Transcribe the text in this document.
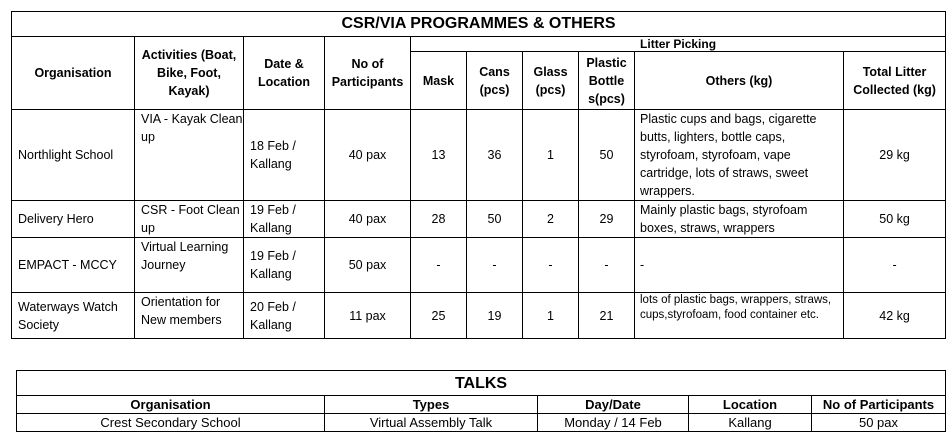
CSR/VIA PROGRAMMES & OTHERS									
Organisation	Activities (Boat, Bike, Foot, Kayak)	Date & Location	No of Participants	Litter Picking					
				Mask	Cans (pcs)	Glass (pcs)	Plastic Bottle s(pcs)	Others (kg)	Total Litter Collected (kg)
Northlight School	VIA - Kayak Clean up	18 Feb / Kallang	40 pax	13	36	1	50	Plastic cups and bags, cigarette butts, lighters, bottle caps, styrofoam, styrofoam, vape cartridge, lots of straws, sweet wrappers.	29 kg
Delivery Hero	CSR - Foot Clean up	19 Feb / Kallang	40 pax	28	50	2	29	Mainly plastic bags, styrofoam boxes, straws, wrappers	50 kg
EMPACT - MCCY	Virtual Learning Journey	19 Feb / Kallang	50 pax	-	-	-	-	-	-
Waterways Watch Society	Orientation for New members	20 Feb / Kallang	11 pax	25	19	1	21	lots of plastic bags, wrappers, straws, cups,styrofoam, food container etc.	42 kg
TALKS				
Organisation	Types	Day/Date	Location	No of Participants
Crest Secondary School	Virtual Assembly Talk	Monday / 14 Feb	Kallang	50 pax
